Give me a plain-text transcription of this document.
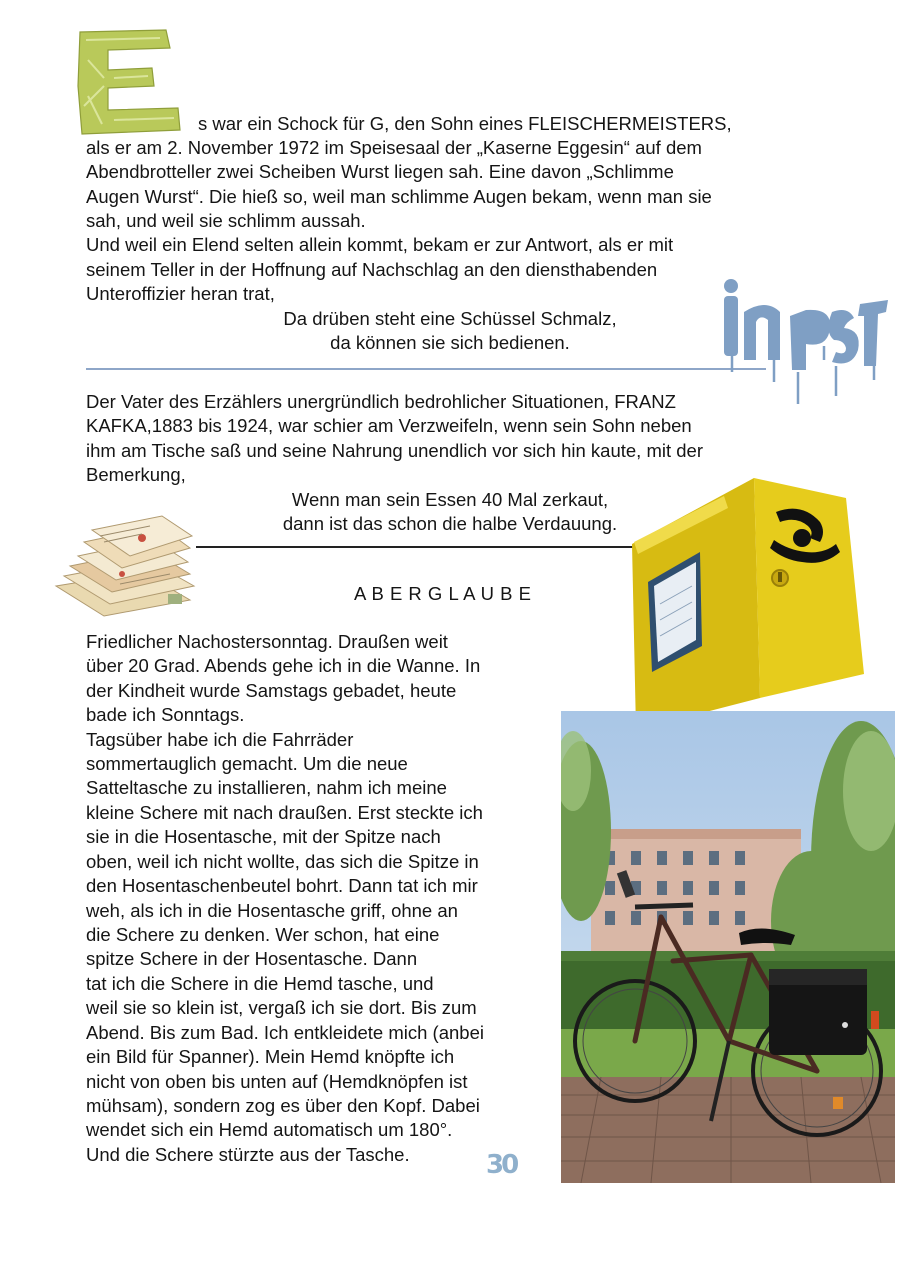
s war ein Schock für G, den Sohn eines FLEISCHERMEISTERS,
als er am 2. November 1972 im Speisesaal der „Kaserne Eggesin“ auf dem
Abendbrotteller zwei Scheiben Wurst liegen sah. Eine davon „Schlimme
Augen Wurst“. Die hieß so, weil man schlimme Augen bekam, wenn man sie
sah, und weil sie schlimm aussah.
Und weil ein Elend selten allein kommt, bekam er zur Antwort, als er mit
seinem Teller in der Hoffnung auf Nachschlag an den diensthabenden
Unteroffizier heran trat,
Da drüben steht eine Schüssel Schmalz,
da können sie sich bedienen.
Der Vater des Erzählers unergründlich bedrohlicher Situationen, FRANZ
KAFKA,1883 bis 1924, war schier am Verzweifeln, wenn sein Sohn neben
ihm am Tische saß und seine Nahrung unendlich vor sich hin kaute, mit der
Bemerkung,
Wenn man sein Essen 40 Mal zerkaut,
dann ist das schon die halbe Verdauung.
A B E R G L A U B E
Friedlicher Nachostersonntag. Draußen weit
über 20 Grad. Abends gehe ich in die Wanne. In
der Kindheit wurde Samstags gebadet, heute
bade ich Sonntags.
Tagsüber habe ich die Fahrräder
sommertauglich gemacht. Um die neue
Satteltasche zu installieren, nahm ich meine
kleine Schere mit nach draußen. Erst steckte ich
sie in die Hosentasche, mit der Spitze nach
oben, weil ich nicht wollte, das sich die Spitze in
den Hosentaschenbeutel bohrt. Dann tat ich mir
weh, als ich in die Hosentasche griff, ohne an
die Schere zu denken. Wer schon, hat eine
spitze Schere in der Hosentasche. Dann
tat ich die Schere in die Hemd tasche, und
weil sie so klein ist, vergaß ich sie dort. Bis zum
Abend. Bis zum Bad. Ich entkleidete mich (anbei
ein Bild für Spanner). Mein Hemd knöpfte ich
nicht von oben bis unten auf (Hemdknöpfen ist
mühsam), sondern zog es über den Kopf. Dabei
wendet sich ein Hemd automatisch um 180°.
Und die Schere stürzte aus der Tasche.	30
